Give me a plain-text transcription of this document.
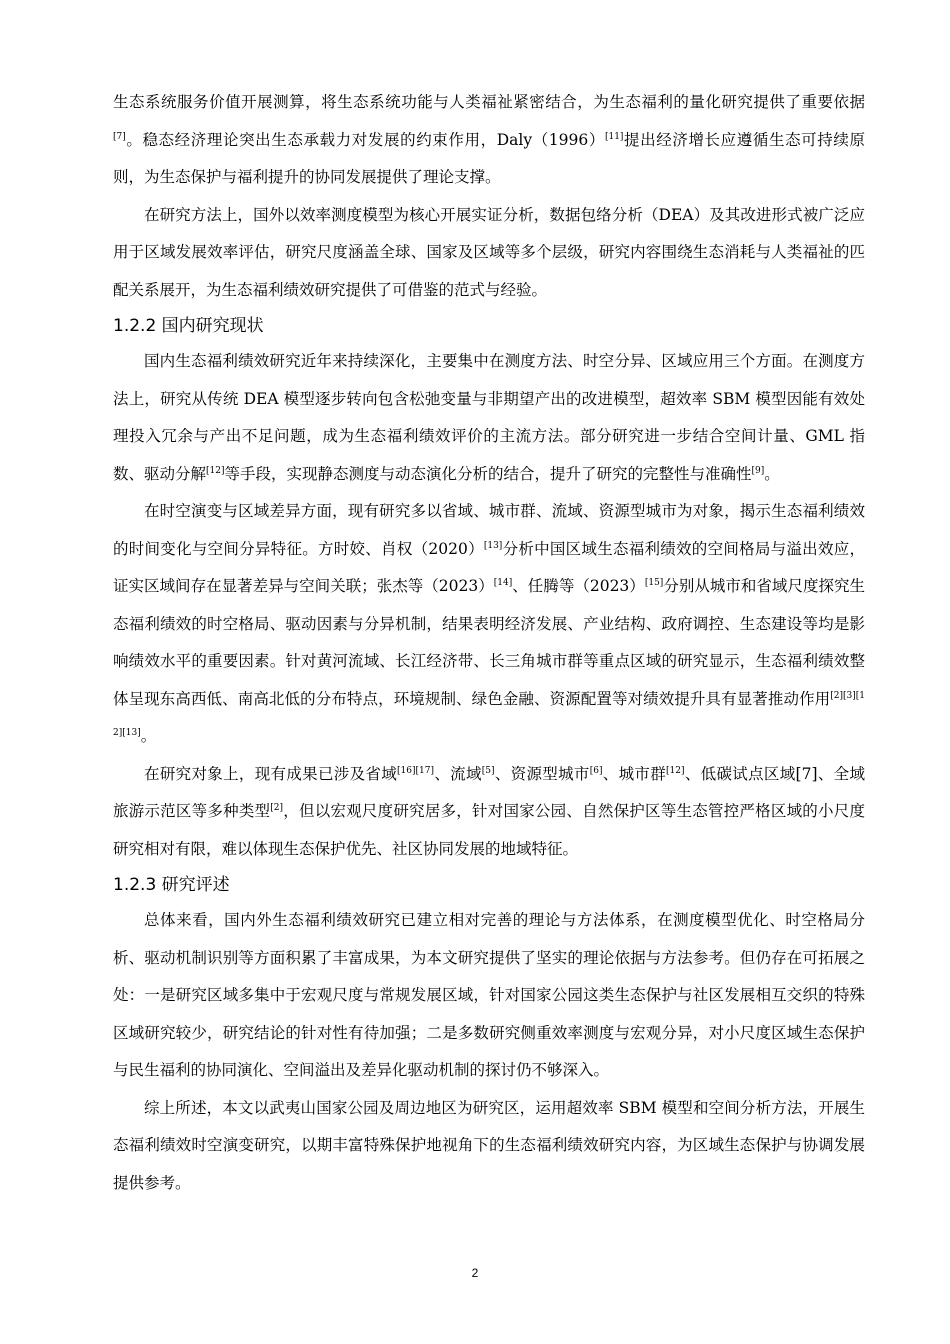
生态系统服务价值开展测算，将生态系统功能与人类福祉紧密结合，为生态福利的量化研究提供了重要依据[7]。稳态经济理论突出生态承载力对发展的约束作用，Daly（1996）[11]提出经济增长应遵循生态可持续原则，为生态保护与福利提升的协同发展提供了理论支撑。

在研究方法上，国外以效率测度模型为核心开展实证分析，数据包络分析（DEA）及其改进形式被广泛应用于区域发展效率评估，研究尺度涵盖全球、国家及区域等多个层级，研究内容围绕生态消耗与人类福祉的匹配关系展开，为生态福利绩效研究提供了可借鉴的范式与经验。

1.2.2 国内研究现状

国内生态福利绩效研究近年来持续深化，主要集中在测度方法、时空分异、区域应用三个方面。在测度方法上，研究从传统 DEA 模型逐步转向包含松弛变量与非期望产出的改进模型，超效率 SBM 模型因能有效处理投入冗余与产出不足问题，成为生态福利绩效评价的主流方法。部分研究进一步结合空间计量、GML 指数、驱动分解[12]等手段，实现静态测度与动态演化分析的结合，提升了研究的完整性与准确性[9]。

在时空演变与区域差异方面，现有研究多以省域、城市群、流域、资源型城市为对象，揭示生态福利绩效的时间变化与空间分异特征。方时姣、肖权（2020）[13]分析中国区域生态福利绩效的空间格局与溢出效应，证实区域间存在显著差异与空间关联；张杰等（2023）[14]、任腾等（2023）[15]分别从城市和省域尺度探究生态福利绩效的时空格局、驱动因素与分异机制，结果表明经济发展、产业结构、政府调控、生态建设等均是影响绩效水平的重要因素。针对黄河流域、长江经济带、长三角城市群等重点区域的研究显示，生态福利绩效整体呈现东高西低、南高北低的分布特点，环境规制、绿色金融、资源配置等对绩效提升具有显著推动作用[2][3][12][13]。

在研究对象上，现有成果已涉及省域[16][17]、流域[5]、资源型城市[6]、城市群[12]、低碳试点区域[7]、全域旅游示范区等多种类型[2]，但以宏观尺度研究居多，针对国家公园、自然保护区等生态管控严格区域的小尺度研究相对有限，难以体现生态保护优先、社区协同发展的地域特征。

1.2.3 研究评述

总体来看，国内外生态福利绩效研究已建立相对完善的理论与方法体系，在测度模型优化、时空格局分析、驱动机制识别等方面积累了丰富成果，为本文研究提供了坚实的理论依据与方法参考。但仍存在可拓展之处：一是研究区域多集中于宏观尺度与常规发展区域，针对国家公园这类生态保护与社区发展相互交织的特殊区域研究较少，研究结论的针对性有待加强；二是多数研究侧重效率测度与宏观分异，对小尺度区域生态保护与民生福利的协同演化、空间溢出及差异化驱动机制的探讨仍不够深入。

综上所述，本文以武夷山国家公园及周边地区为研究区，运用超效率 SBM 模型和空间分析方法，开展生态福利绩效时空演变研究，以期丰富特殊保护地视角下的生态福利绩效研究内容，为区域生态保护与协调发展提供参考。

2
